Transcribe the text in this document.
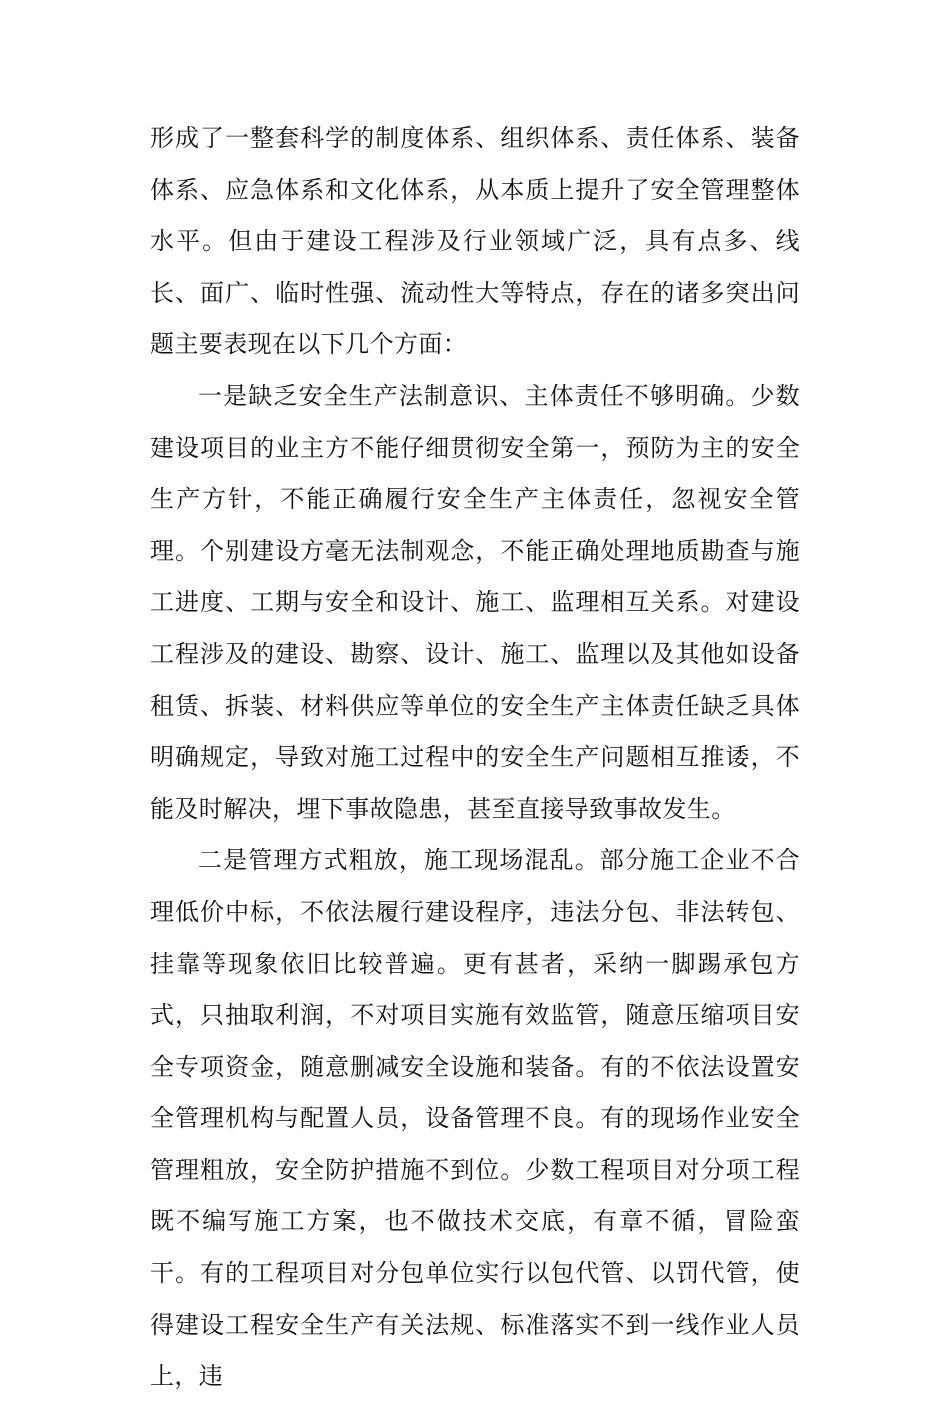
形成了一整套科学的制度体系、组织体系、责任体系、装备体系、应急体系和文化体系，从本质上提升了安全管理整体水平。但由于建设工程涉及行业领域广泛，具有点多、线长、面广、临时性强、流动性大等特点，存在的诸多突出问题主要表现在以下几个方面：

一是缺乏安全生产法制意识、主体责任不够明确。少数建设项目的业主方不能仔细贯彻安全第一，预防为主的安全生产方针，不能正确履行安全生产主体责任，忽视安全管理。个别建设方毫无法制观念，不能正确处理地质勘查与施工进度、工期与安全和设计、施工、监理相互关系。对建设工程涉及的建设、勘察、设计、施工、监理以及其他如设备租赁、拆装、材料供应等单位的安全生产主体责任缺乏具体明确规定，导致对施工过程中的安全生产问题相互推诿，不能及时解决，埋下事故隐患，甚至直接导致事故发生。

二是管理方式粗放，施工现场混乱。部分施工企业不合理低价中标，不依法履行建设程序，违法分包、非法转包、挂靠等现象依旧比较普遍。更有甚者，采纳一脚踢承包方式，只抽取利润，不对项目实施有效监管，随意压缩项目安全专项资金，随意删减安全设施和装备。有的不依法设置安全管理机构与配置人员，设备管理不良。有的现场作业安全管理粗放，安全防护措施不到位。少数工程项目对分项工程既不编写施工方案，也不做技术交底，有章不循，冒险蛮干。有的工程项目对分包单位实行以包代管、以罚代管，使得建设工程安全生产有关法规、标准落实不到一线作业人员上，违
